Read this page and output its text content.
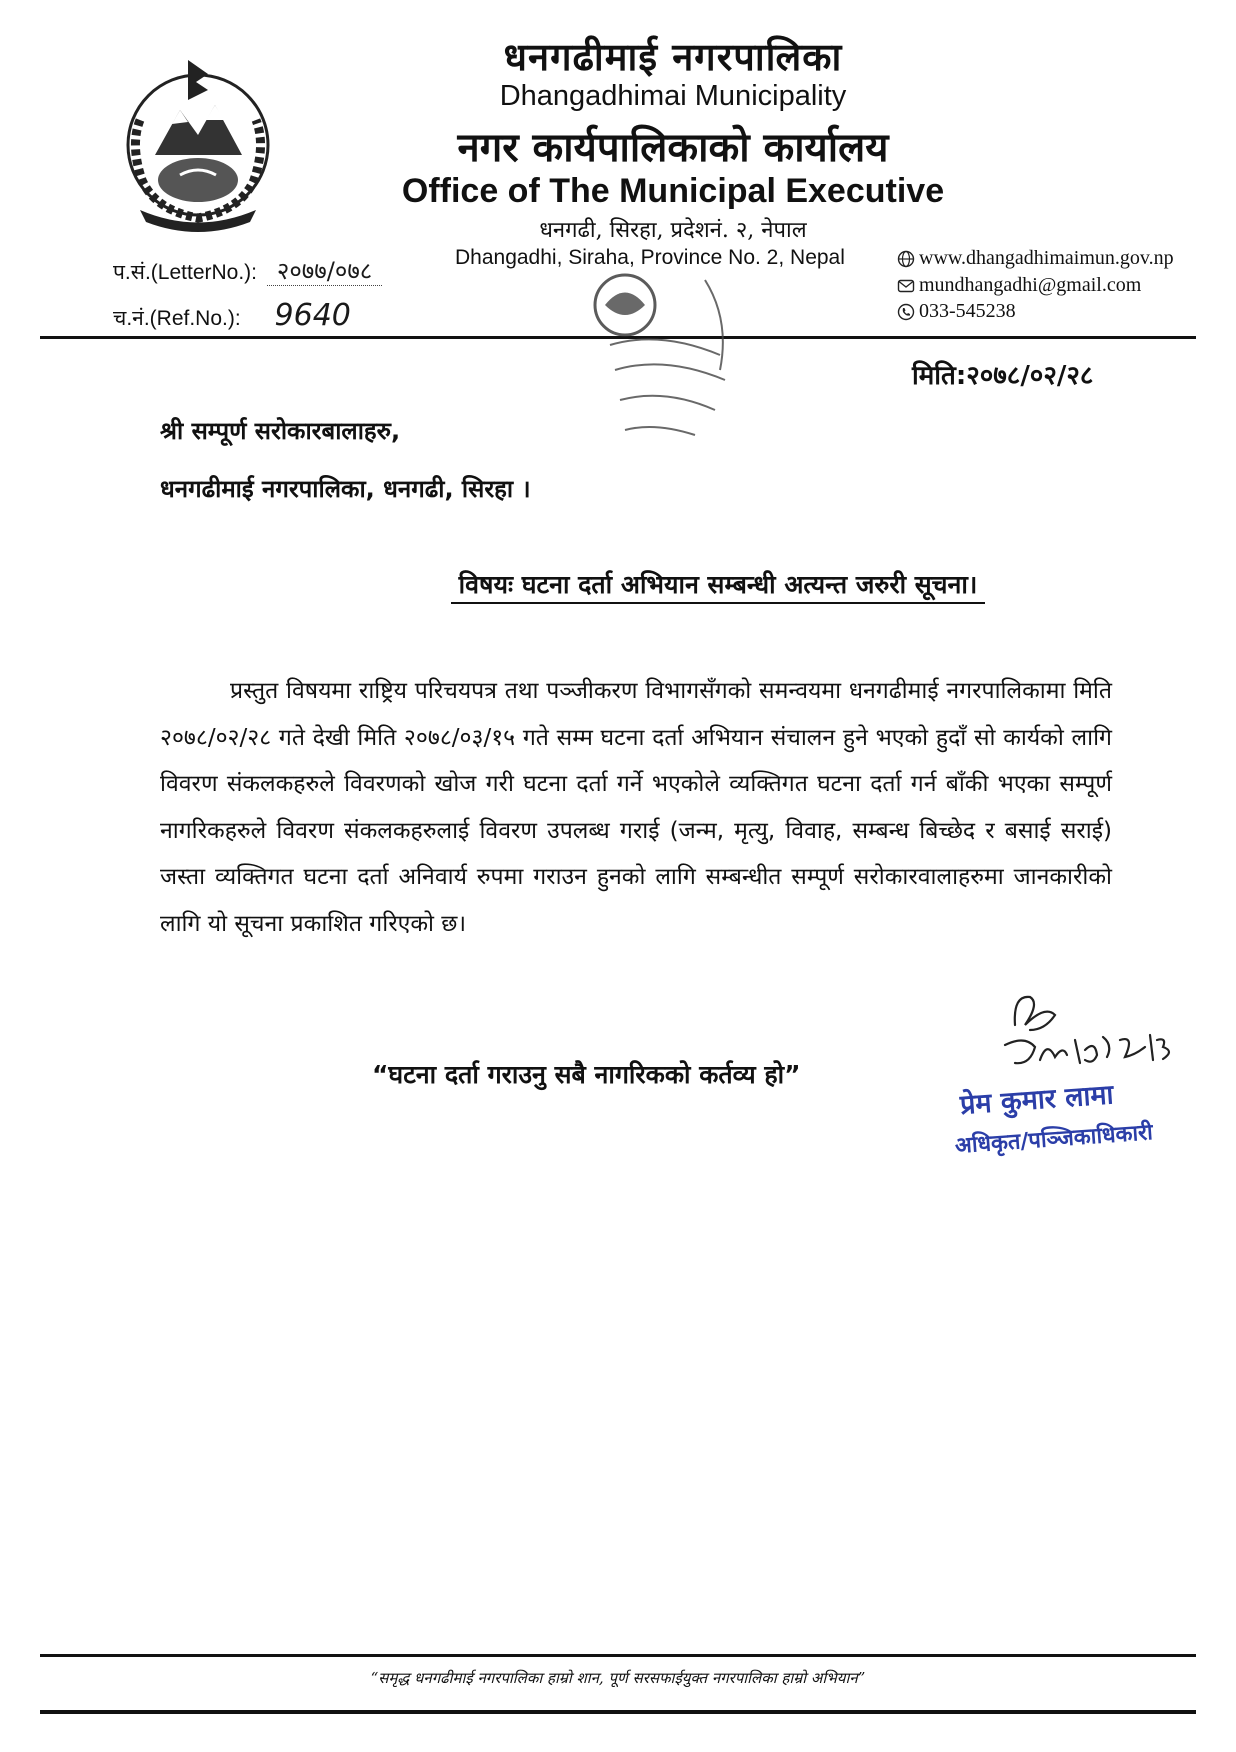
धनगढीमाई नगरपालिका
Dhangadhimai Municipality
नगर कार्यपालिकाको कार्यालय
Office of The Municipal Executive
धनगढी, सिरहा, प्रदेशनं. २, नेपाल
Dhangadhi, Siraha, Province No. 2, Nepal
प.सं.(LetterNo.): २०७७/०७८
च.नं.(Ref.No.): 9640
www.dhangadhimaimun.gov.np
mundhangadhi@gmail.com
033-545238
मिति:२०७८/०२/२८
श्री सम्पूर्ण सरोकारबालाहरु,
धनगढीमाई नगरपालिका, धनगढी, सिरहा ।
विषयः घटना दर्ता अभियान सम्बन्धी अत्यन्त जरुरी सूचना।
प्रस्तुत विषयमा राष्ट्रिय परिचयपत्र तथा पञ्जीकरण विभागसँगको समन्वयमा धनगढीमाई नगरपालिकामा मिति २०७८/०२/२८ गते देखी मिति २०७८/०३/१५ गते सम्म घटना दर्ता अभियान संचालन हुने भएको हुदाँ सो कार्यको लागि विवरण संकलकहरुले विवरणको खोज गरी घटना दर्ता गर्ने भएकोले व्यक्तिगत घटना दर्ता गर्न बाँकी भएका सम्पूर्ण नागरिकहरुले विवरण संकलकहरुलाई विवरण उपलब्ध गराई (जन्म, मृत्यु, विवाह, सम्बन्ध बिच्छेद र बसाई सराई) जस्ता व्यक्तिगत घटना दर्ता अनिवार्य रुपमा गराउन हुनको लागि सम्बन्धीत सम्पूर्ण सरोकारवालाहरुमा जानकारीको लागि यो सूचना प्रकाशित गरिएको छ।
“घटना दर्ता गराउनु सबै नागरिकको कर्तव्य हो”
प्रेम कुमार लामा
अधिकृत/पञ्जिकाधिकारी
“समृद्ध धनगढीमाई नगरपालिका हाम्रो शान, पूर्ण सरसफाईयुक्त नगरपालिका हाम्रो अभियान”
